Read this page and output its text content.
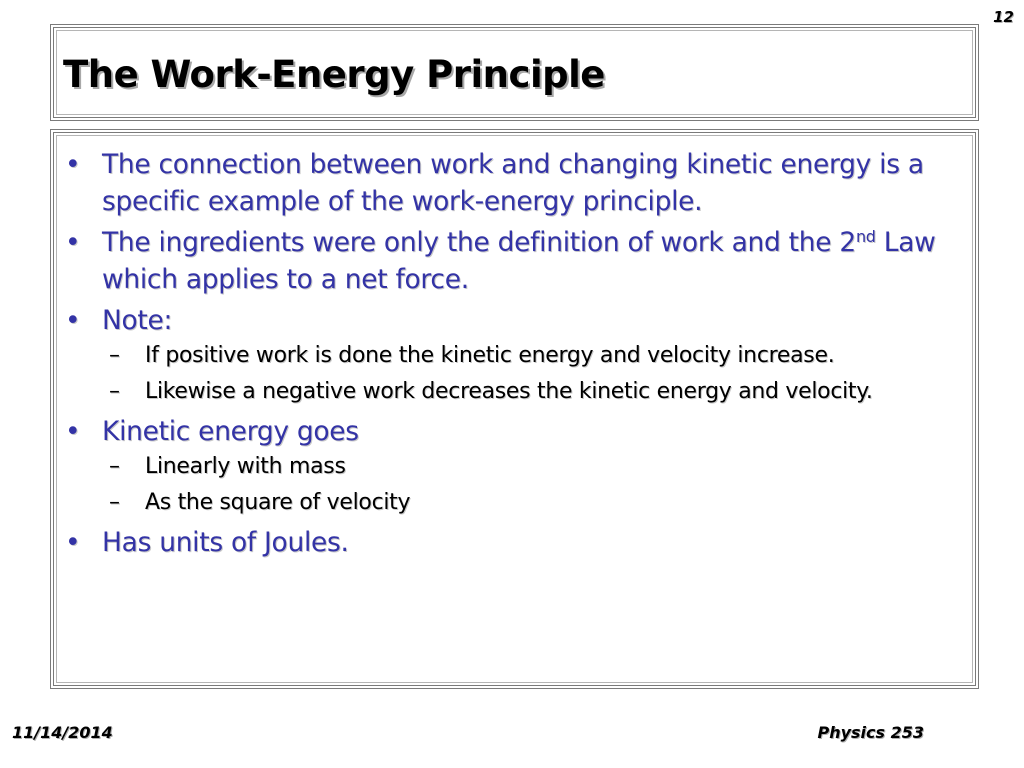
12
The Work-Energy Principle
• The connection between work and changing kinetic energy is a specific example of the work-energy principle.
• The ingredients were only the definition of work and the 2nd Law which applies to a net force.
• Note:
– If positive work is done the kinetic energy and velocity increase.
– Likewise a negative work decreases the kinetic energy and velocity.
• Kinetic energy goes
– Linearly with mass
– As the square of velocity
• Has units of Joules.
11/14/2014	Physics 253
